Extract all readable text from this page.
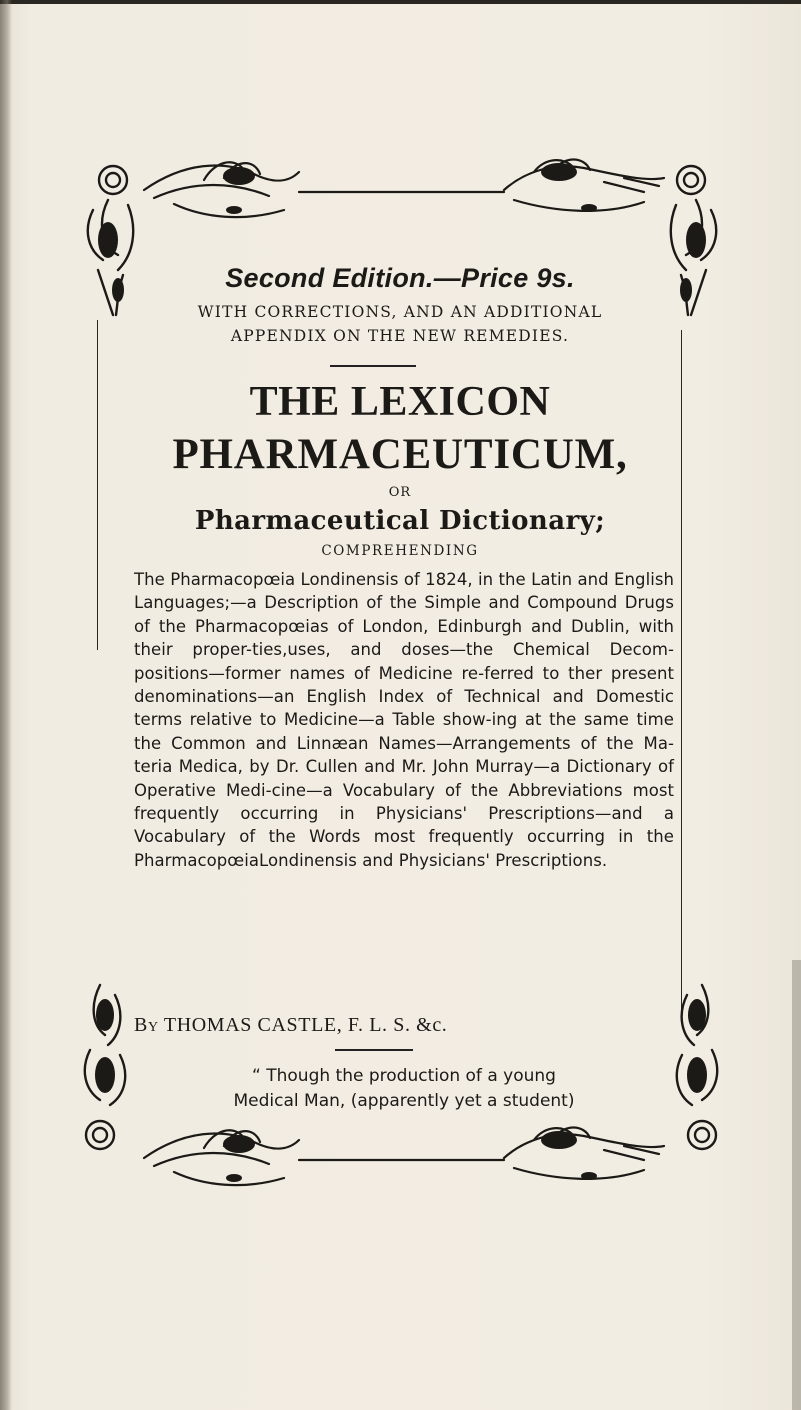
Second Edition.—Price 9s.
WITH CORRECTIONS, AND AN ADDITIONAL
APPENDIX ON THE NEW REMEDIES.
THE LEXICON
PHARMACEUTICUM,
OR
Pharmaceutical Dictionary;
COMPREHENDING
The Pharmacopœia Londinensis of 1824, in the Latin and English Languages;—a Description of the Simple and Compound Drugs of the Pharmacopœias of London, Edinburgh and Dublin, with their proper-ties,uses, and doses—the Chemical Decom-positions—former names of Medicine re-ferred to ther present denominations—an English Index of Technical and Domestic terms relative to Medicine—a Table show-ing at the same time the Common and Linnæan Names—Arrangements of the Ma-teria Medica, by Dr. Cullen and Mr. John Murray—a Dictionary of Operative Medi-cine—a Vocabulary of the Abbreviations most frequently occurring in Physicians' Prescriptions—and a Vocabulary of the Words most frequently occurring in the PharmacopœiaLondinensis and Physicians' Prescriptions.
By THOMAS CASTLE, F. L. S. &c.
“ Though the production of a young
Medical Man, (apparently yet a student)
